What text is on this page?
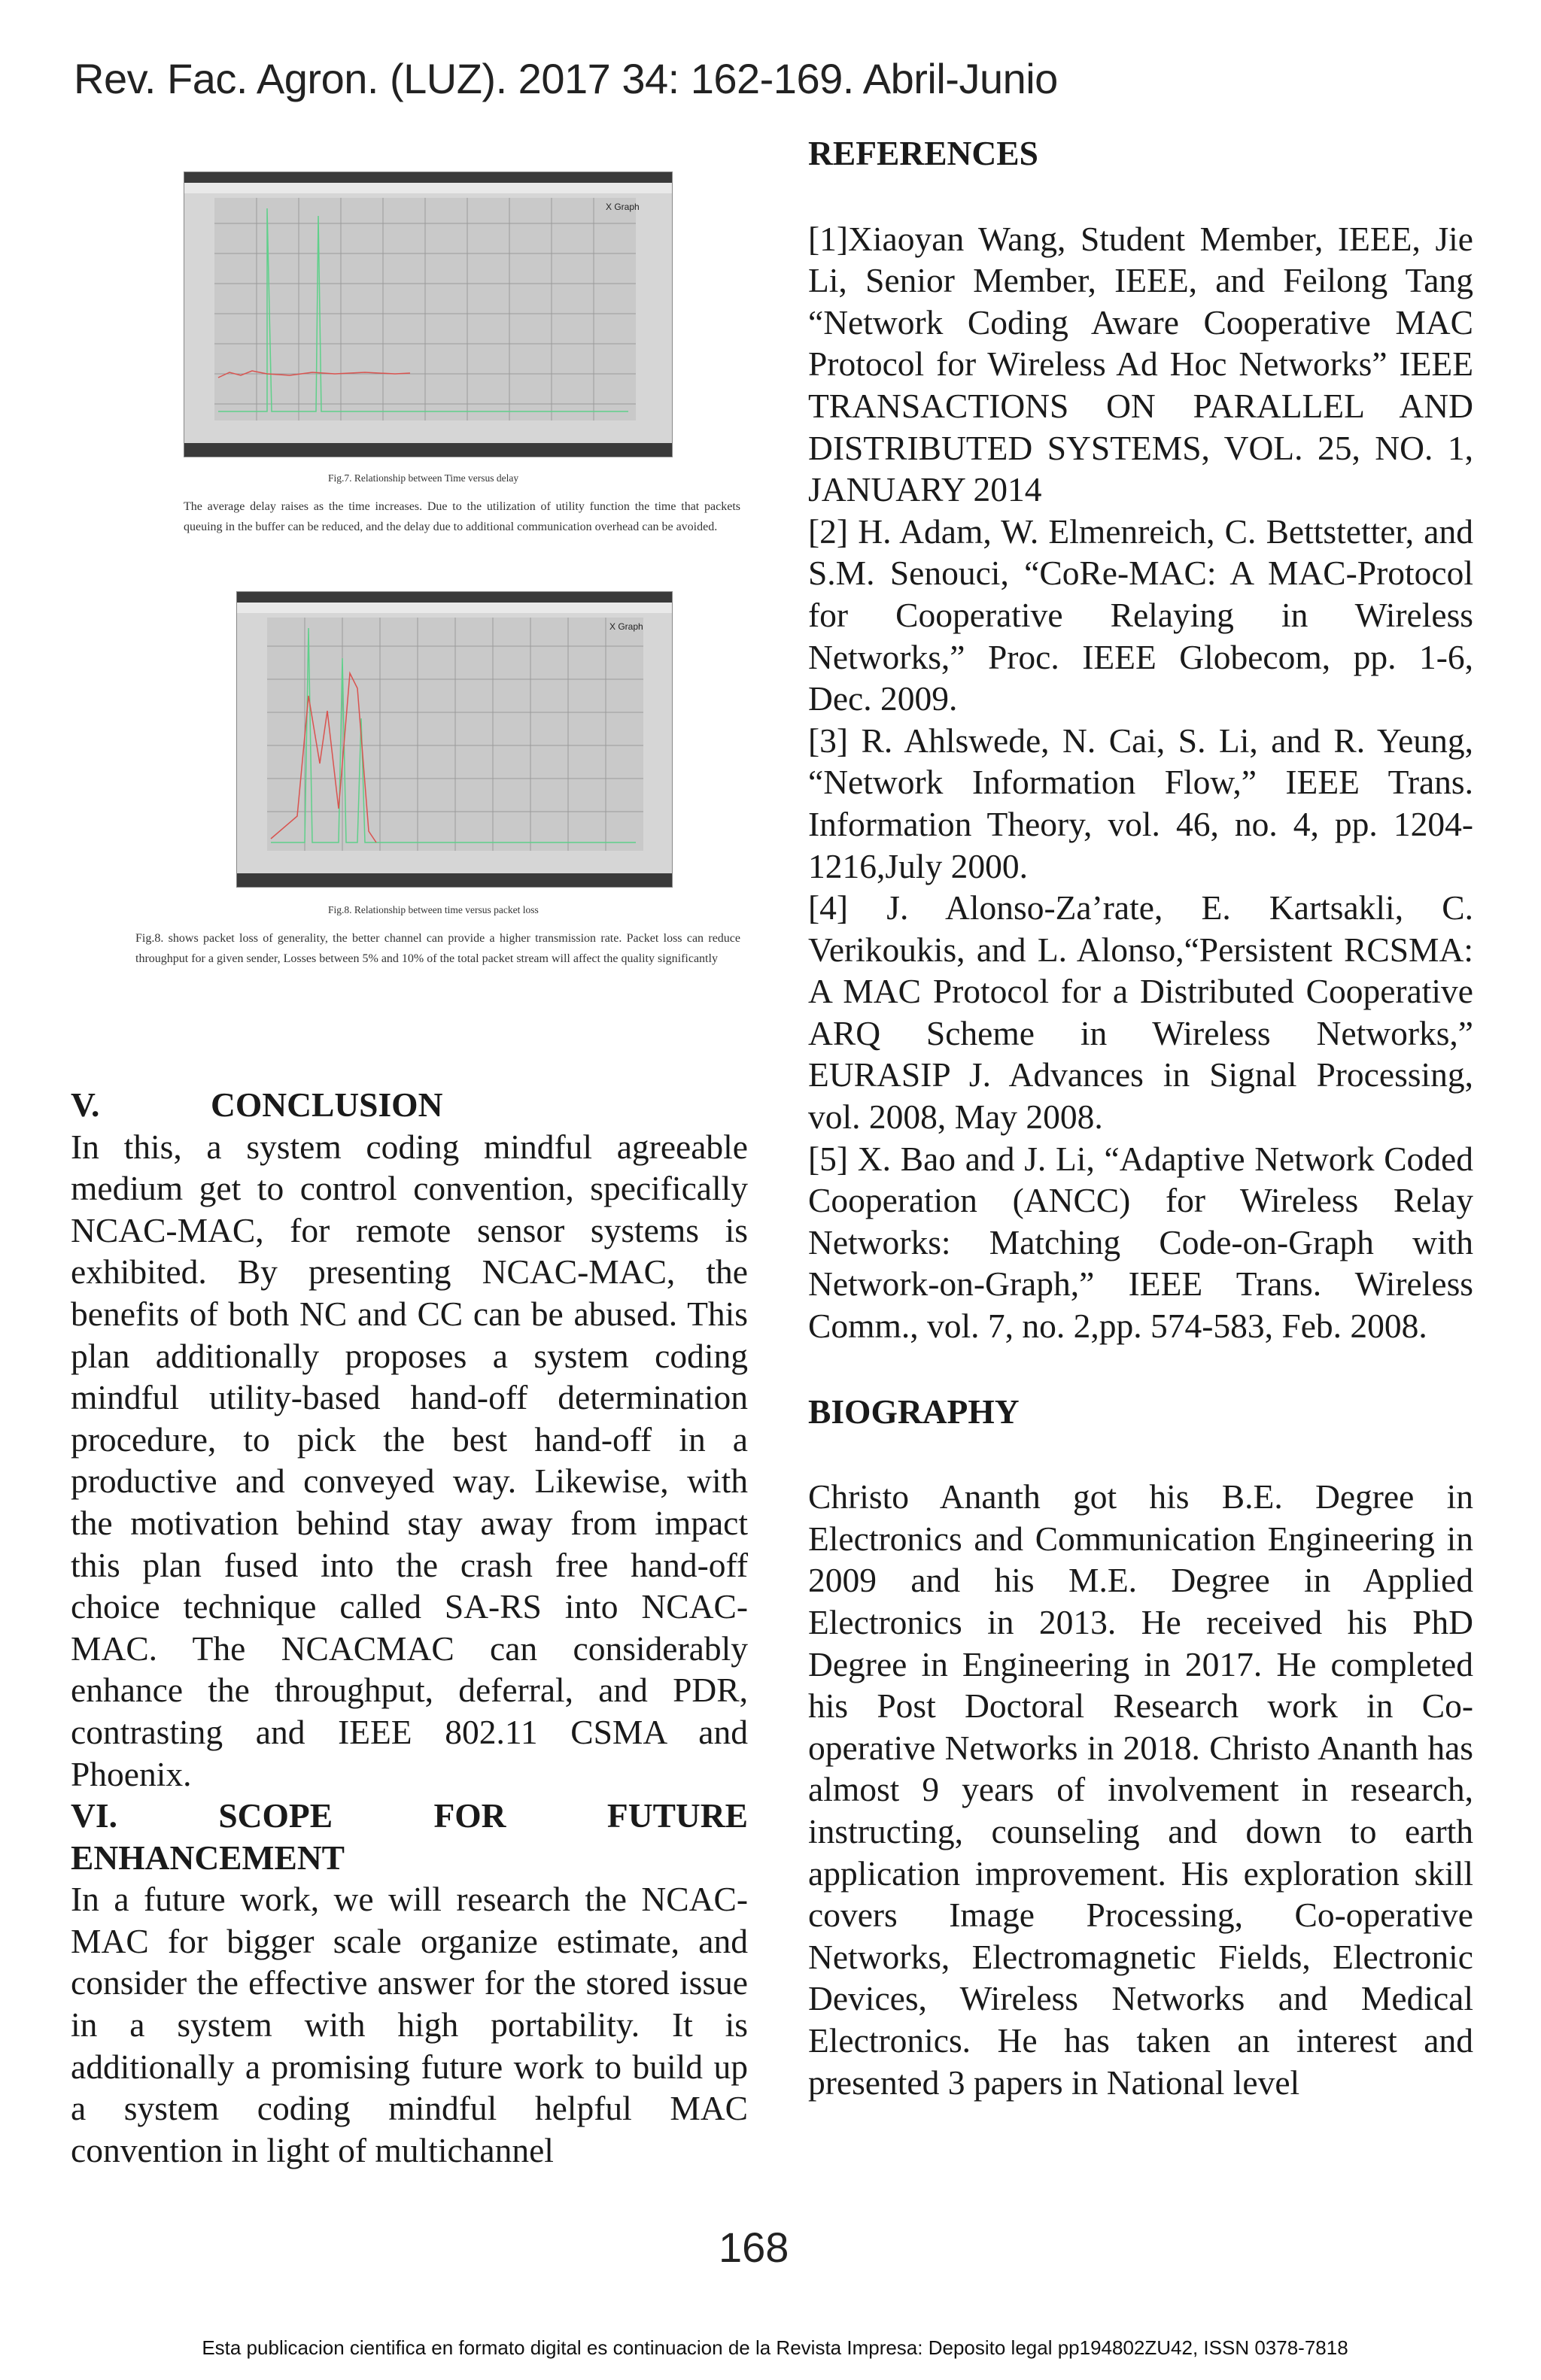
Rev. Fac. Agron. (LUZ). 2017 34: 162-169. Abril-Junio
X Graph
Fig.7. Relationship between Time versus delay
The average delay raises as the time increases. Due to the utilization of utility function the time that packets queuing in the buffer can be reduced, and the delay due to additional communication overhead can be avoided.
X Graph
Fig.8. Relationship between time versus packet loss
Fig.8. shows packet loss of generality, the better channel can provide a higher transmission rate. Packet loss can reduce throughput for a given sender, Losses between 5% and 10% of the total packet stream will affect the quality significantly
V.	CONCLUSION

In this, a system coding mindful agreeable medium get to control convention, specifically NCAC-MAC, for remote sensor systems is exhibited. By presenting NCAC-MAC, the benefits of both NC and CC can be abused. This plan additionally proposes a system coding mindful utility-based hand-off determination procedure, to pick the best hand-off in a productive and conveyed way. Likewise, with the motivation behind stay away from impact this plan fused into the crash free hand-off choice technique called SA-RS into NCAC-MAC. The NCACMAC can considerably enhance the throughput, deferral, and PDR, contrasting and IEEE 802.11 CSMA and Phoenix.

VI.	SCOPE	FOR	FUTURE
ENHANCEMENT

In a future work, we will research the NCAC-MAC for bigger scale organize estimate, and consider the effective answer for the stored issue in a system with high portability. It is additionally a promising future work to build up a system coding mindful helpful MAC convention in light of multichannel

REFERENCES

[1]Xiaoyan Wang, Student Member, IEEE, Jie Li, Senior Member, IEEE, and Feilong Tang “Network Coding Aware Cooperative MAC Protocol for Wireless Ad Hoc Networks” IEEE TRANSACTIONS ON PARALLEL AND DISTRIBUTED SYSTEMS, VOL. 25, NO. 1, JANUARY 2014

[2] H. Adam, W. Elmenreich, C. Bettstetter, and S.M. Senouci, “CoRe-MAC: A MAC-Protocol for Cooperative Relaying in Wireless Networks,” Proc. IEEE Globecom, pp. 1-6, Dec. 2009.

[3] R. Ahlswede, N. Cai, S. Li, and R. Yeung, “Network Information Flow,” IEEE Trans. Information Theory, vol. 46, no. 4, pp. 1204-1216,July 2000.

[4] J. Alonso-Za’rate, E. Kartsakli, C. Verikoukis, and L. Alonso,“Persistent RCSMA: A MAC Protocol for a Distributed Cooperative ARQ Scheme in Wireless Networks,” EURASIP J. Advances in Signal Processing, vol. 2008, May 2008.

[5] X. Bao and J. Li, “Adaptive Network Coded Cooperation (ANCC) for Wireless Relay Networks: Matching Code-on-Graph with Network-on-Graph,” IEEE Trans. Wireless Comm., vol. 7, no. 2,pp. 574-583, Feb. 2008.

BIOGRAPHY

Christo Ananth got his B.E. Degree in Electronics and Communication Engineering in 2009 and his M.E. Degree in Applied Electronics in 2013. He received his PhD Degree in Engineering in 2017. He completed his Post Doctoral Research work in Co-operative Networks in 2018. Christo Ananth has almost 9 years of involvement in research, instructing, counseling and down to earth application improvement. His exploration skill covers Image Processing, Co-operative Networks, Electromagnetic Fields, Electronic Devices, Wireless Networks and Medical Electronics. He has taken an interest and presented 3 papers in National level

168
Esta publicacion cientifica en formato digital es continuacion de la Revista Impresa: Deposito legal pp194802ZU42, ISSN 0378-7818
